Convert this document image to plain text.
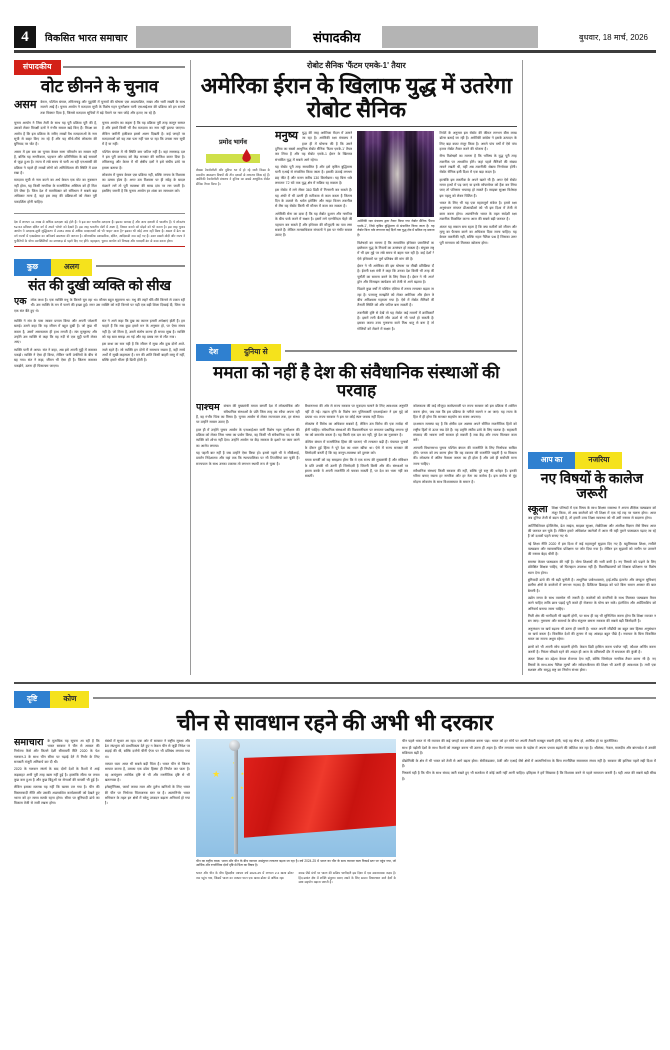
4	विकसित भारत समाचार	संपादकीय	बुधवार, 18 मार्च, 2026
संपादकीय
वोट छीनने के चुनाव
असम केरल, पश्चिम बंगाल, तमिलनाडु और पुडुचेरी में चुनावों की घोषणा एक अप्रत्याशित, सख्त और भारी सख्ती के साथ सामने आई है। चुनाव आयोग ने मतदाता सूची के विशेष गहन पुनरीक्षण यानी एसआईआर की प्रक्रिया को इन राज्यों तक विस्तार दिया है, जिससे मतदाता सूचियों में बड़े पैमाने पर नाम जोड़े और हटाए जा रहे हैं।

चुनाव आयोग ने जिस तेजी के साथ यह पूरी प्रक्रिया पूरी की है, उसको लेकर विपक्षी दलों ने गंभीर सवाल खड़े किए हैं। विपक्ष का आरोप है कि इस प्रक्रिया के जरिए लाखों वैध मतदाताओं के नाम सूची से बाहर किए जा रहे हैं और यह सीधे-सीधे लोकतंत्र की बुनियाद पर चोट है।

असम में इस बार का चुनाव केवल सत्ता परिवर्तन का सवाल नहीं है, बल्कि यह नागरिकता, पहचान और प्रतिनिधित्व के बड़े सवालों से जुड़ा हुआ है। राज्य में लंबे समय से चली आ रही एनआरसी की प्रक्रिया ने पहले ही लाखों लोगों को अनिश्चितता की स्थिति में डाल रखा है।

मतदाता सूची से नाम कटने का अर्थ केवल एक वोट का नुकसान नहीं होता, यह किसी नागरिक के राजनीतिक अस्तित्व को ही मिटा देने जैसा है। जिस देश में मताधिकार को संविधान ने सबसे बड़ा अधिकार माना है, वहां इस तरह की प्रक्रियाओं को लेकर पूरी पारदर्शिता होनी चाहिए।

चुनाव आयोग का कहना है कि यह प्रक्रिया पूरी तरह कानून सम्मत है और इसमें किसी भी वैध मतदाता का नाम नहीं हटाया जाएगा। लेकिन जमीनी हकीकत इससे अलग दिखती है। कई जगहों पर मतदाताओं को यह तक पता नहीं चल पा रहा कि उनका नाम सूची में है या नहीं।

पश्चिम बंगाल में भी स्थिति कम जटिल नहीं है। वहां सत्तारूढ़ दल ने इस पूरी कवायद को केंद्र सरकार की साजिश करार दिया है। तमिलनाडु और केरल में भी क्षेत्रीय दलों ने इसे संघीय ढांचे पर हमला बताया है।

लोकतंत्र में चुनाव केवल एक प्रक्रिया नहीं, बल्कि जनता के विश्वास का उत्सव होता है। अगर उस विश्वास पर ही संदेह के बादल मंडराने लगें तो पूरी व्यवस्था की साख दांव पर लग जाती है। इसलिए जरूरी है कि चुनाव आयोग हर शंका का समाधान करे।

देश में लगभग 11 लाख से अधिक मतदाता बढ़े होते हैं। ये इस बार भारतीय मतदाता हैं। इसका फायदा है और अन्य दलाली में भारतीय हैं। ये लोकतंत्र 52-53 प्रतिशत दलित वर्ग में अपने 'मोर्चा' को देखते हैं। इस तरह भारतीय वोटों में आता है, विधान बनाने को मोड़ने को भी करता है। इस तरह चुनाव आयोग ने मतदाता-सूची शुद्धिकरण में 2451 लाख से अधिक मतदाताओं को भी 'बाहर' माना है? इसका भी कोई उत्तर नहीं मिला है। असल में डेटा का वर्ग राज्यों में एक्सप्रेशन का अनिवार्य समाधान की जरूरत है। औपचारिक प्रशासनिक, दलित, आदिवासी नाम कहें गए हैं। उक्त मामले मोदी और राज्य ने चुनौतियों के योग्य मनःस्थितियों का सत्तारूढ़ से पहले दिए गए होंगे। बहरहाल, चुनाव आयोग को निष्पक्ष और पारदर्शी ढंग से काम करना होगा।
कुछ	अलग
संत की दुखी व्यक्ति को सीख
एक लोक कथा है। एक व्यक्ति मधु के किनारे घूम रहा था। मौसम बहुत सुहावना था। मधु की लहरें धीरे-धीरे किनारे से टकरा रही थीं। उस व्यक्ति के मन में चलने की इच्छा हुई। मगर उस व्यक्ति को नदी किनारे पर पड़ी एक बड़ी शिला दिखाई दी, जिस पर एक संत बैठे हुए थे।

व्यक्ति ने संत के पास जाकर प्रणाम किया और अपनी परेशानी बताई। उसने कहा कि वह जीवन में बहुत दुखी है। जो कुछ भी करता है, उसमें असफलता ही हाथ लगती है। संत मुस्कुराए और उन्होंने उस व्यक्ति से कहा कि वह नदी से एक मुट्ठी पानी लेकर आए।

व्यक्ति पानी ले आया। संत ने कहा, अब इसे अपनी मुट्ठी में कसकर पकड़ो। व्यक्ति ने ऐसा ही किया, लेकिन पानी उंगलियों के बीच से बह गया। संत ने कहा, जीवन भी ऐसा ही है। जितना कसकर पकड़ोगे, उतना ही फिसलता जाएगा।

संत ने आगे कहा कि दुख का कारण हमारी अपेक्षाएं होती हैं। हम चाहते हैं कि सब कुछ हमारे मन के अनुसार हो, पर ऐसा संभव नहीं है। जो मिला है, उसमें संतोष करना ही सच्चा सुख है। व्यक्ति को यह बात समझ आ गई और वह प्रसन्न मन से लौट गया।

इस कथा का सार यही है कि जीवन में सुख और दुख दोनों आते-जाते रहते हैं। जो व्यक्ति इन दोनों में समभाव रखता है, वही सच्चे अर्थों में सुखी कहलाता है। मन की शांति किसी बाहरी वस्तु में नहीं, बल्कि हमारे भीतर ही छिपी होती है।

रोबोट सैनिक 'फैंटम एमके-1' तैयार
अमेरिका ईरान के खिलाफ युद्ध में उतरेगा रोबोट सैनिक
प्रमोद भार्गव
लेखक टेक्नोलॉजी और दुनिया भर में हो रहे जारी किस्म के मानवीय आक्रमण विषयों की तीन दशकों से लगातार लिख रहे हैं। अमेरिकी टेक्नोलॉजी मंत्रालय ने दुनिया का सबसे आधुनिक रोबोट सैनिक तैयार किया है।
मनुष्य	युद्ध की तरह अमेरिका मैदान में उतरने जा रहा है। अमेरिकी रक्षा मंत्रालय ने हाल ही में घोषणा की है कि उसने दुनिया का सबसे आधुनिक रोबोट सैनिक 'फैंटम एमके-1' तैयार कर लिया है और यह रोबोट एमके-1 ईरान के खिलाफ संभावित युद्ध में सबसे आगे रहेगा।

यह रोबोट पूरी तरह स्वचालित है और इसे कृत्रिम बुद्धिमत्ता यानी एआई से संचालित किया जाता है। इसकी ऊंचाई लगभग छह फीट है और वजन करीब 130 किलोग्राम। यह बिना थके लगातार 72 घंटे तक युद्ध क्षेत्र में सक्रिय रह सकता है।

इस रोबोट में लगे सेंसर 360 डिग्री में निगरानी कर सकते हैं। यह अंधेरे में भी उतनी ही सटीकता से काम करता है जितना दिन के उजाले में। थर्मल इमेजिंग और नाइट विजन तकनीक से लैस यह रोबोट किसी भी मौसम में काम कर सकता है।

अमेरिकी सेना का दावा है कि यह रोबोट दुश्मन और नागरिक के बीच फर्क करने में सक्षम है। इसमें लगे एल्गोरिदम चेहरे की पहचान कर सकते हैं और हथियार की मौजूदगी का पता लगा सकते हैं। लेकिन मानवाधिकार संगठनों ने इस पर गंभीर सवाल उठाए हैं।

अमेरिकी रक्षा मंत्रालय द्वारा तैयार किया गया रोबोट सैनिक 'फैंटम एमके-1', जिसे कृत्रिम बुद्धिमत्ता से संचालित किया जाता है। यह रोबोट बिना थके लगातार कई दिनों तक युद्ध क्षेत्र में सक्रिय रह सकता है।

विशेषज्ञों का मानना है कि स्वचालित हथियार प्रणालियों का इस्तेमाल युद्ध के नियमों का उल्लंघन हो सकता है। संयुक्त राष्ट्र में भी इस मुद्दे पर लंबे समय से बहस चल रही है। कई देशों ने ऐसे हथियारों पर पूर्ण प्रतिबंध की मांग की है।

ईरान ने भी अमेरिका की इस घोषणा पर तीखी प्रतिक्रिया दी है। ईरानी रक्षा मंत्री ने कहा कि उनका देश किसी भी तरह की चुनौती का सामना करने के लिए तैयार है। ईरान ने भी अपने ड्रोन और मिसाइल कार्यक्रम को तेजी से आगे बढ़ाया है।

पिछले कुछ वर्षों में पश्चिम एशिया में तनाव लगातार बढ़ता जा रहा है। परमाणु समझौते को लेकर अमेरिका और ईरान के बीच अविश्वास गहराता गया है। ऐसे में रोबोट सैनिकों की तैनाती स्थिति को और जटिल बना सकती है।

तकनीकी दृष्टि से देखें तो यह रोबोट कई मायनों में क्रांतिकारी है। इसमें लगी बैटरी सौर ऊर्जा से भी चार्ज हो सकती है। इसका कवच उच्च गुणवत्ता वाले मिश्र धातु से बना है जो गोलियों को रोकने में सक्षम है।

रिपोर्ट के अनुसार इस रोबोट की कीमत लगभग बीस लाख डॉलर बताई जा रही है। अमेरिकी कांग्रेस ने इसके उत्पादन के लिए बड़ा बजट मंजूर किया है। अगले पांच वर्षों में ऐसे पांच हजार रोबोट तैयार करने की योजना है।

सैन्य विशेषज्ञों का मानना है कि भविष्य के युद्ध पूरी तरह तकनीक पर आधारित होंगे। जहां पहले सैनिकों की संख्या मायने रखती थी, वहीं अब तकनीकी श्रेष्ठता निर्णायक होगी। रोबोट सैनिक इसी दिशा में एक बड़ा कदम है।

हालांकि इस तकनीक के अपने खतरे भी हैं। अगर ऐसे रोबोट गलत हाथों में पड़ जाएं या इनके सॉफ्टवेयर को हैक कर लिया जाए तो परिणाम भयावह हो सकते हैं। साइबर सुरक्षा विशेषज्ञ इस पहलू को लेकर चिंतित हैं।

भारत के लिए भी यह एक महत्वपूर्ण संकेत है। हमारे रक्षा अनुसंधान संगठन डीआरडीओ को भी इस दिशा में तेजी से काम करना होगा। आत्मनिर्भर भारत के तहत स्वदेशी रक्षा तकनीक विकसित करना आज की सबसे बड़ी जरूरत है।

अंततः यह सवाल बना रहता है कि क्या मशीनों को जीवन और मृत्यु का फैसला करने का अधिकार दिया जाना चाहिए। यह केवल तकनीकी नहीं, बल्कि गहरा नैतिक प्रश्न है जिसका उत्तर पूरी मानवता को मिलकर खोजना होगा।

देश	दुनिया से
ममता को नहीं है देश की संवैधानिक संस्थाओं की परवाह
पश्चिम	बंगाल की मुख्यमंत्री ममता बनर्जी देश में लोकतांत्रिक और संवैधानिक संस्थाओं के प्रति जिस तरह का रवैया अपना रही हैं, वह गंभीर चिंता का विषय है। चुनाव आयोग से लेकर राज्यपाल तक, हर संस्था पर उन्होंने सवाल उठाए हैं।

हाल ही में उन्होंने चुनाव आयोग के एसआईआर यानी विशेष गहन पुनरीक्षण की प्रक्रिया को लेकर जिस भाषा का प्रयोग किया, वह किसी भी संवैधानिक पद पर बैठे व्यक्ति को शोभा नहीं देता। उन्होंने आयोग पर केंद्र सरकार के इशारे पर काम करने का आरोप लगाया।

यह पहली बार नहीं है जब उन्होंने ऐसा किया हो। इससे पहले भी वे सीबीआई, प्रवर्तन निदेशालय और यहां तक कि न्यायपालिका पर भी टिप्पणियां कर चुकी हैं। राज्यपाल के साथ उनका टकराव तो लगभग स्थायी रूप ले चुका है।

विधानसभा की ओर से राज्य सरकार पर मुकदमा चलाने के लिए आवश्यक अनुमति नहीं दी गई। मद्रास वृत्ति के विशेष जन पुलिसकर्मी एसआईआर ने इस मुद्दे को उठाया था। राज्य सरकार ने इस पर कोई स्पष्ट जवाब नहीं दिया।

लोकतंत्र में विरोध का अधिकार सबको है, लेकिन उस विरोध की एक मर्यादा भी होनी चाहिए। संवैधानिक संस्थाओं की विश्वसनीयता पर लगातार प्रश्नचिह्न लगाना पूरे तंत्र को कमजोर करता है। यह किसी एक दल का नहीं, पूरे देश का नुकसान है।

पश्चिम बंगाल में राजनीतिक हिंसा की घटनाएं भी लगातार बढ़ी हैं। पंचायत चुनावों के दौरान हुई हिंसा ने पूरे देश का ध्यान खींचा था। ऐसे में राज्य सरकार की जिम्मेदारी बनती है कि वह कानून-व्यवस्था को दुरुस्त करे।

ममता बनर्जी को यह समझना होगा कि वे एक राज्य की मुख्यमंत्री हैं और संविधान के प्रति उनकी भी उतनी ही जिम्मेदारी है जितनी किसी और की। संस्थाओं पर हमला करके वे अपनी राजनीति तो चमका सकती हैं, पर देश का भला नहीं कर सकतीं।

कोलकाता की कई मौजूदा कार्यप्रणाली पर राज्य सरकार को इस प्रक्रिया में शामिल करना होगा, जब तक कि इस प्रक्रिया के नतीजे सामने न आ जाएं। यह राज्य के हित में ही होगा कि सरकार सहयोग का रास्ता अपनाए।

दरअसल समस्या यह है कि क्षेत्रीय दल अक्सर अपने सीमित राजनीतिक हितों को राष्ट्रीय हितों से ऊपर रख देते हैं। यह प्रवृत्ति संघीय ढांचे के लिए घातक है। सहकारी संघवाद की भावना तभी साकार हो सकती है जब केंद्र और राज्य मिलकर काम करें।

आगामी विधानसभा चुनाव पश्चिम बंगाल की राजनीति के लिए निर्णायक साबित होंगे। जनता को तय करना होगा कि वह टकराव की राजनीति चाहती है या विकास की। लोकतंत्र में अंतिम फैसला जनता का ही होता है और उसे ही सर्वोपरि माना जाना चाहिए।

संवैधानिक संस्थाएं किसी सरकार की नहीं, बल्कि पूरे राष्ट्र की धरोहर हैं। इनकी गरिमा बनाए रखना हर नागरिक और हर नेता का कर्तव्य है। इस कर्तव्य से मुंह मोड़ना लोकतंत्र के साथ विश्वासघात के समान है।

आप का	नजरिया
नए विषयों के कालेज जरूरी
स्कूली	शिक्षा परिषदों में एक विषय के साथ शिक्षण व्यवस्था ने अपना शैक्षिक पाठ्यक्रम को मंजूर किया, तो अब कालेजों को भी शिक्षा में एक नई राह पर चलना होगा। आज जब दुनिया तेजी से बदल रही है, तो हमारी उच्च शिक्षा व्यवस्था को भी उसी रफ्तार से बदलना होगा।

आर्टिफिशियल इंटेलिजेंस, डेटा साइंस, साइबर सुरक्षा, रोबोटिक्स और अंतरिक्ष विज्ञान जैसे विषय आज की जरूरत बन चुके हैं। लेकिन हमारे अधिकांश कालेजों में आज भी वही पुराने पाठ्यक्रम पढ़ाए जा रहे हैं जो दशकों पहले बनाए गए थे।

नई शिक्षा नीति 2020 में इस दिशा में कई महत्वपूर्ण सुझाव दिए गए हैं। बहुविषयक शिक्षा, लचीले पाठ्यक्रम और व्यावसायिक प्रशिक्षण पर जोर दिया गया है। लेकिन इन सुझावों को जमीन पर उतारने की रफ्तार बेहद धीमी है।

समस्या केवल पाठ्यक्रम की नहीं है। योग्य शिक्षकों की भारी कमी है। नए विषयों को पढ़ाने के लिए प्रशिक्षित शिक्षक चाहिए, जो फिलहाल उपलब्ध नहीं हैं। विश्वविद्यालयों को शिक्षक प्रशिक्षण पर विशेष ध्यान देना होगा।

बुनियादी ढांचे की भी बड़ी चुनौती है। आधुनिक प्रयोगशालाएं, हाई-स्पीड इंटरनेट और कंप्यूटर सुविधाएं ग्रामीण क्षेत्रों के कालेजों में लगभग नदारद हैं। डिजिटल डिवाइड को पाटे बिना समान अवसर की बात बेमानी है।

उद्योग जगत के साथ तालमेल भी जरूरी है। कालेजों को कंपनियों के साथ मिलकर पाठ्यक्रम तैयार करने चाहिए ताकि छात्र पढ़ाई पूरी करते ही रोजगार के योग्य बन सकें। इंटर्नशिप और अप्रेंटिसशिप को अनिवार्य बनाया जाना चाहिए।

निजी क्षेत्र की भागीदारी भी बढ़ानी होगी, पर साथ ही यह भी सुनिश्चित करना होगा कि शिक्षा व्यापार न बन जाए। गुणवत्ता और सामर्थ्य के बीच संतुलन बनाना सरकार की सबसे बड़ी जिम्मेदारी है।

अनुसंधान पर खर्च बढ़ाना भी उतना ही जरूरी है। भारत अपनी जीडीपी का बहुत कम हिस्सा अनुसंधान पर खर्च करता है। विकसित देशों की तुलना में यह आंकड़ा बहुत पीछे है। नवाचार के बिना विकसित भारत का सपना अधूरा रहेगा।

छात्रों को भी अपनी सोच बदलनी होगी। केवल डिग्री हासिल करना पर्याप्त नहीं, कौशल अर्जित करना जरूरी है। निरंतर सीखते रहने की आदत ही आज के प्रतिस्पर्धी दौर में सफलता की कुंजी है।

अंततः शिक्षा का उद्देश्य केवल रोजगार देना नहीं, बल्कि जिम्मेदार नागरिक तैयार करना भी है। नए विषयों के साथ-साथ नैतिक मूल्यों और संवेदनशीलता की शिक्षा भी उतनी ही आवश्यक है। तभी एक सशक्त और समृद्ध राष्ट्र का निर्माण संभव होगा।

दृष्टि	कोण
चीन से सावधान रहने की अभी भी दरकार
समाचारों	के मुताबिक यह सूचना आ रही है कि भारत सरकार ने चीन से आयात की निर्भरता कैसे और कितने देशी सीमावर्ती रीति 2020 के पेश गलवान-3 के साथ चीन सीमा पर चढ़ाई देने में निर्भर के लिए सरकारी मंजूरी अनिवार्य कर दी थी।

2020 के गलवान संघर्ष के बाद दोनों देशों के रिश्तों में आई कड़वाहट अभी पूरी तरह खत्म नहीं हुई है। हालांकि सीमा पर तनाव कुछ कम हुआ है और कुछ बिंदुओं पर सेनाओं की वापसी भी हुई है।

लेकिन इसका मतलब यह नहीं कि खतरा टल गया है। चीन की विस्तारवादी नीति और उसकी अप्रत्याशित कार्यप्रणाली को देखते हुए भारत को हर समय सतर्क रहना होगा। सीमा पर बुनियादी ढांचे का विकास तेजी से जारी रखना होगा।

संबंधों में सुधार आ रहा। एक ओर में सरकार ने राष्ट्रीय सुरक्षा और डेटा संप्रभुता को प्राथमिकता देते हुए न केवल चीन से जुड़ी निवेश पर कड़ाई की थी, बल्कि दर्जनों चीनी ऐप्स पर भी प्रतिबंध लगाया गया था।

व्यापार घाटा आज भी सबसे बड़ी चिंता है। भारत चीन से जितना आयात करता है, उसका एक छोटा हिस्सा ही निर्यात कर पाता है। यह असंतुलन आर्थिक दृष्टि से भी और रणनीतिक दृष्टि से भी खतरनाक है।

इलेक्ट्रॉनिक्स, फार्मा कच्चा माल और दुर्लभ खनिजों के लिए भारत की चीन पर निर्भरता चिंताजनक स्तर पर है। आत्मनिर्भर भारत अभियान के तहत इन क्षेत्रों में घरेलू उत्पादन बढ़ाना अनिवार्य हो गया है।

★	★
★
★
चीन का राष्ट्रीय ध्वज। भारत और चीन के बीच व्यापार असंतुलन लगातार बढ़ता जा रहा है। वर्ष 2024-25 में भारत का चीन के साथ व्यापार घाटा रिकार्ड स्तर पर पहुंच गया, जो आर्थिक और रणनीतिक दोनों दृष्टि से चिंता का विषय है।
भारत और चीन के बीच द्विपक्षीय व्यापार वर्ष 2024-25 में लगभग 2.2 खरब डॉलर तक पहुंच गया, जिसमें भारत का व्यापार घाटा एक खरब डॉलर से अधिक रहा।
क्वाड जैसे मंचों पर भारत की सक्रिय भागीदारी इस दिशा में एक सकारात्मक कदम है। हिंद-प्रशांत क्षेत्र में शक्ति संतुलन बनाए रखने के लिए समान विचारधारा वाले देशों के साथ सहयोग बढ़ाना जरूरी है।

चीन पहले भारत से भी व्यापार की कई जगहों का इस्तेमाल करना पड़ा। भारत को हर मोर्चे पर अपनी तैयारी मजबूत रखनी होगी, चाहे वह सैन्य हो, आर्थिक हो या कूटनीतिक।

साथ ही पड़ोसी देशों के साथ रिश्तों को मजबूत करना भी उतना ही अहम है। चीन लगातार भारत के पड़ोस में अपना प्रभाव बढ़ाने की कोशिश कर रहा है। श्रीलंका, नेपाल, मालदीव और बांग्लादेश में उसकी सक्रियता बढ़ी है।

प्रौद्योगिकी के क्षेत्र में भी भारत को तेजी से आगे बढ़ना होगा। सेमीकंडक्टर, 5जी और एआई जैसे क्षेत्रों में आत्मनिर्भरता के बिना रणनीतिक स्वायत्तता संभव नहीं है। सरकार की हालिया पहलें सही दिशा में हैं।

निष्कर्ष यही है कि चीन के साथ संवाद जारी रखते हुए भी सतर्कता में कोई कमी नहीं आनी चाहिए। इतिहास ने हमें सिखाया है कि विश्वास करने से पहले सत्यापन जरूरी है। यही आज की सबसे बड़ी सीख है।
